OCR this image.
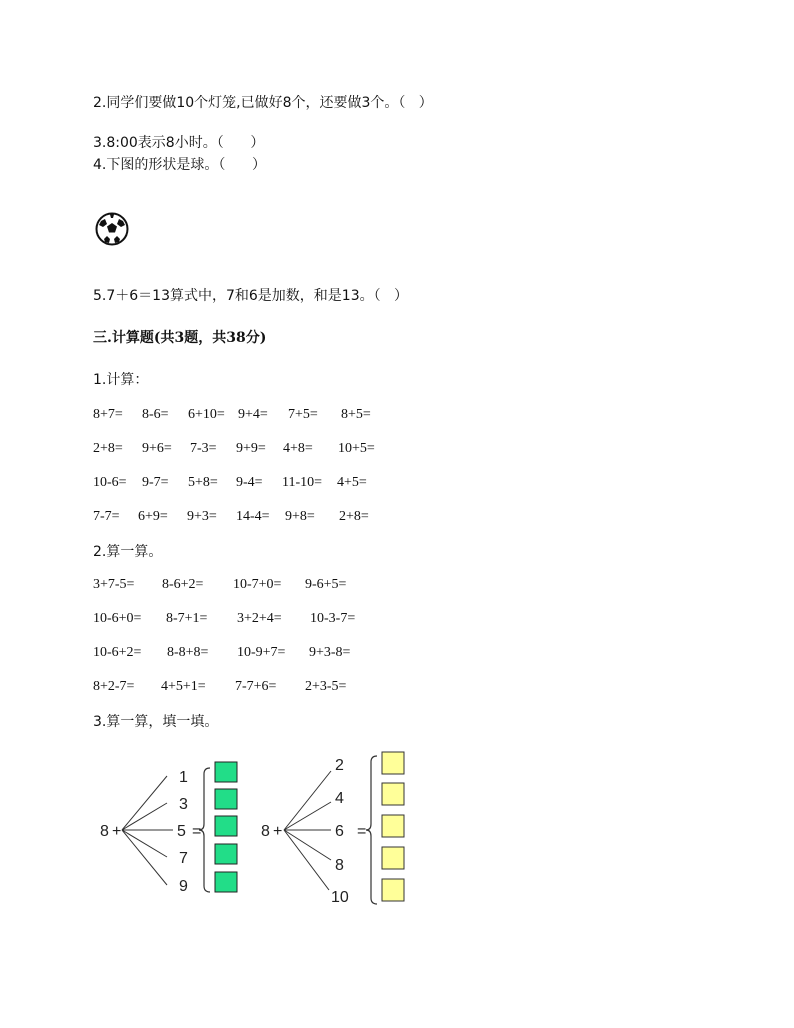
2.同学们要做10个灯笼,已做好8个，还要做3个。（   ）
3.8:00表示8小时。（      ）
4.下图的形状是球。（      ）
5.7＋6＝13算式中，7和6是加数，和是13。（   ）
三.计算题(共3题，共38分)
1.计算：
8+7= 8-6= 6+10= 9+4= 7+5= 8+5=
2+8= 9+6= 7-3= 9+9= 4+8= 10+5=
10-6= 9-7= 5+8= 9-4= 11-10= 4+5=
7-7= 6+9= 9+3= 14-4= 9+8= 2+8=
2.算一算。
3+7-5= 8-6+2= 10-7+0= 9-6+5=
10-6+0= 8-7+1= 3+2+4= 10-3-7=
10-6+2= 8-8+8= 10-9+7= 9+3-8=
8+2-7= 4+5+1= 7-7+6= 2+3-5=
3.算一算，填一填。
8 +
1
3
5 =
7
9
8 +
2
4
6
8
10
=
